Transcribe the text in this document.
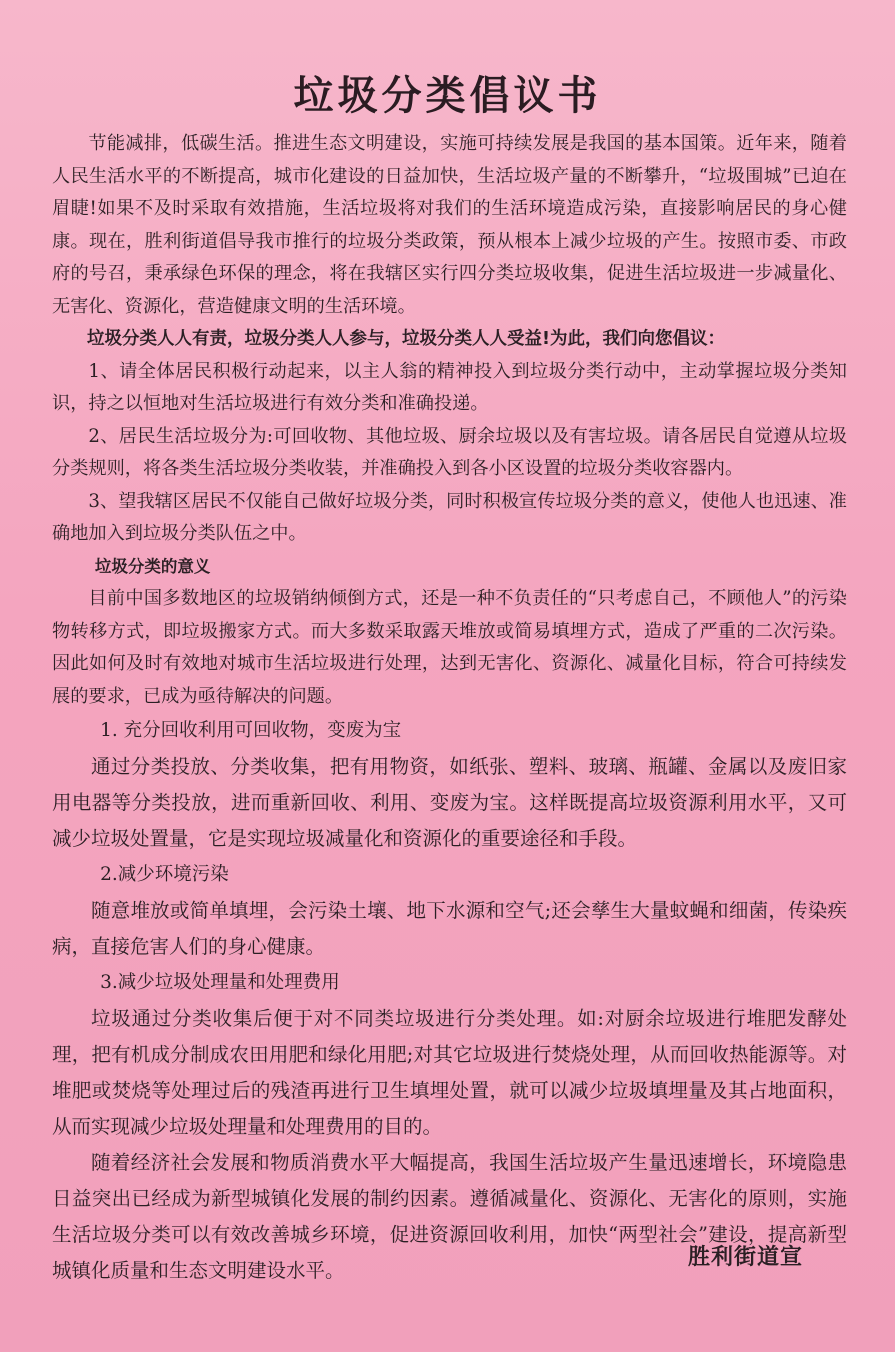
垃圾分类倡议书

节能减排，低碳生活。推进生态文明建设，实施可持续发展是我国的基本国策。近年来，随着人民生活水平的不断提高，城市化建设的日益加快，生活垃圾产量的不断攀升，“垃圾围城”已迫在眉睫!如果不及时采取有效措施，生活垃圾将对我们的生活环境造成污染，直接影响居民的身心健康。现在，胜利街道倡导我市推行的垃圾分类政策，预从根本上减少垃圾的产生。按照市委、市政府的号召，秉承绿色环保的理念，将在我辖区实行四分类垃圾收集，促进生活垃圾进一步减量化、无害化、资源化，营造健康文明的生活环境。

垃圾分类人人有责，垃圾分类人人参与，垃圾分类人人受益!为此，我们向您倡议：

1、请全体居民积极行动起来，以主人翁的精神投入到垃圾分类行动中，主动掌握垃圾分类知识，持之以恒地对生活垃圾进行有效分类和准确投递。

2、居民生活垃圾分为:可回收物、其他垃圾、厨余垃圾以及有害垃圾。请各居民自觉遵从垃圾分类规则，将各类生活垃圾分类收装，并准确投入到各小区设置的垃圾分类收容器内。

3、望我辖区居民不仅能自己做好垃圾分类，同时积极宣传垃圾分类的意义，使他人也迅速、准确地加入到垃圾分类队伍之中。

垃圾分类的意义

目前中国多数地区的垃圾销纳倾倒方式，还是一种不负责任的“只考虑自己，不顾他人”的污染物转移方式，即垃圾搬家方式。而大多数采取露天堆放或简易填埋方式，造成了严重的二次污染。因此如何及时有效地对城市生活垃圾进行处理，达到无害化、资源化、减量化目标，符合可持续发展的要求，已成为亟待解决的问题。

1. 充分回收利用可回收物，变废为宝

通过分类投放、分类收集，把有用物资，如纸张、塑料、玻璃、瓶罐、金属以及废旧家用电器等分类投放，进而重新回收、利用、变废为宝。这样既提高垃圾资源利用水平，又可减少垃圾处置量，它是实现垃圾减量化和资源化的重要途径和手段。

2.减少环境污染

随意堆放或简单填埋，会污染土壤、地下水源和空气;还会孳生大量蚊蝇和细菌，传染疾病，直接危害人们的身心健康。

3.减少垃圾处理量和处理费用

垃圾通过分类收集后便于对不同类垃圾进行分类处理。如:对厨余垃圾进行堆肥发酵处理，把有机成分制成农田用肥和绿化用肥;对其它垃圾进行焚烧处理，从而回收热能源等。对堆肥或焚烧等处理过后的残渣再进行卫生填埋处置，就可以减少垃圾填埋量及其占地面积，从而实现减少垃圾处理量和处理费用的目的。

随着经济社会发展和物质消费水平大幅提高，我国生活垃圾产生量迅速增长，环境隐患日益突出已经成为新型城镇化发展的制约因素。遵循减量化、资源化、无害化的原则，实施生活垃圾分类可以有效改善城乡环境，促进资源回收利用，加快“两型社会”建设，提高新型城镇化质量和生态文明建设水平。

胜利街道宣
